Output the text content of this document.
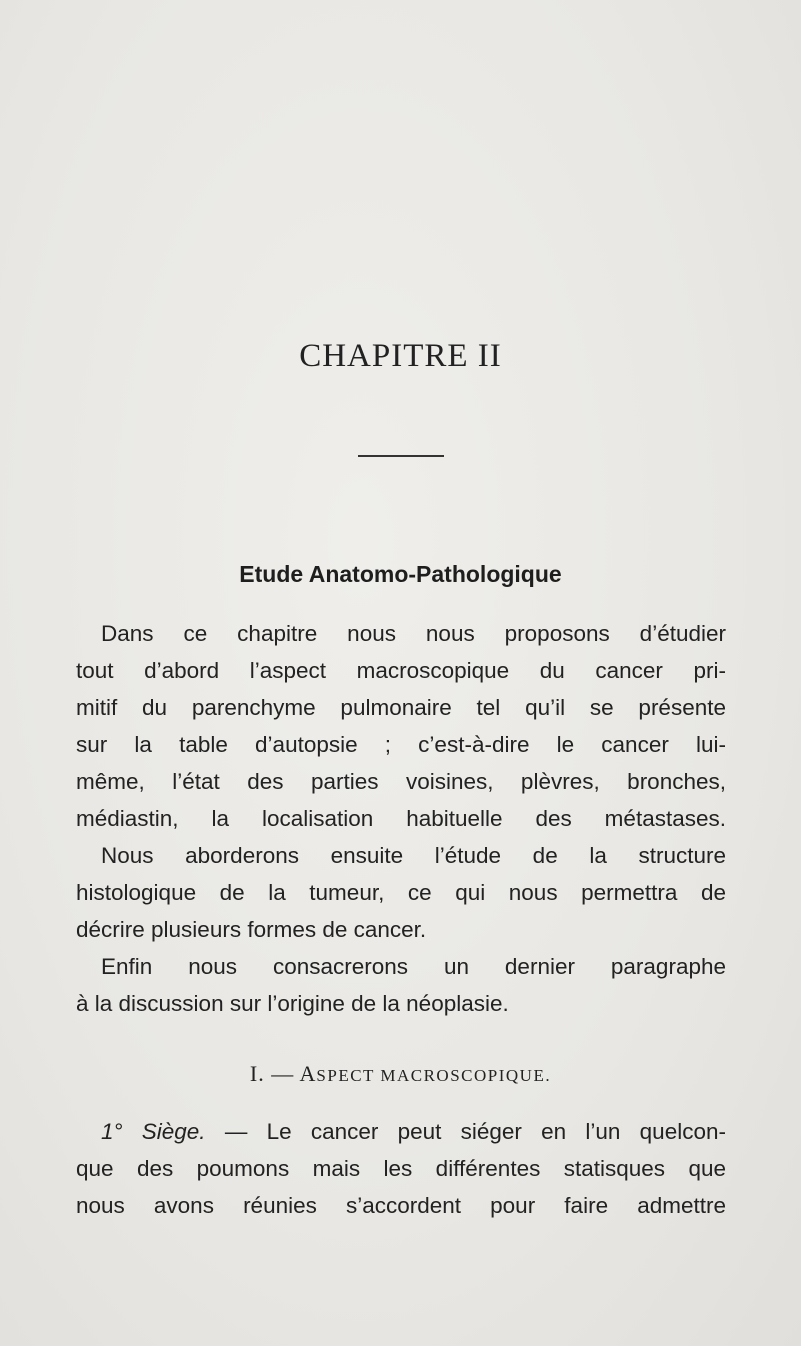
CHAPITRE II
Etude Anatomo-Pathologique
Dans ce chapitre nous nous proposons d’étudier
tout d’abord l’aspect macroscopique du cancer pri-
mitif du parenchyme pulmonaire tel qu’il se présente
sur la table d’autopsie ; c’est-à-dire le cancer lui-
même, l’état des parties voisines, plèvres, bronches,
médiastin, la localisation habituelle des métastases.
Nous aborderons ensuite l’étude de la structure
histologique de la tumeur, ce qui nous permettra de
décrire plusieurs formes de cancer.
Enfin nous consacrerons un dernier paragraphe
à la discussion sur l’origine de la néoplasie.
I. — ASPECT MACROSCOPIQUE.
1° Siège. — Le cancer peut siéger en l’un quelcon-
que des poumons mais les différentes statisques que
nous avons réunies s’accordent pour faire admettre
